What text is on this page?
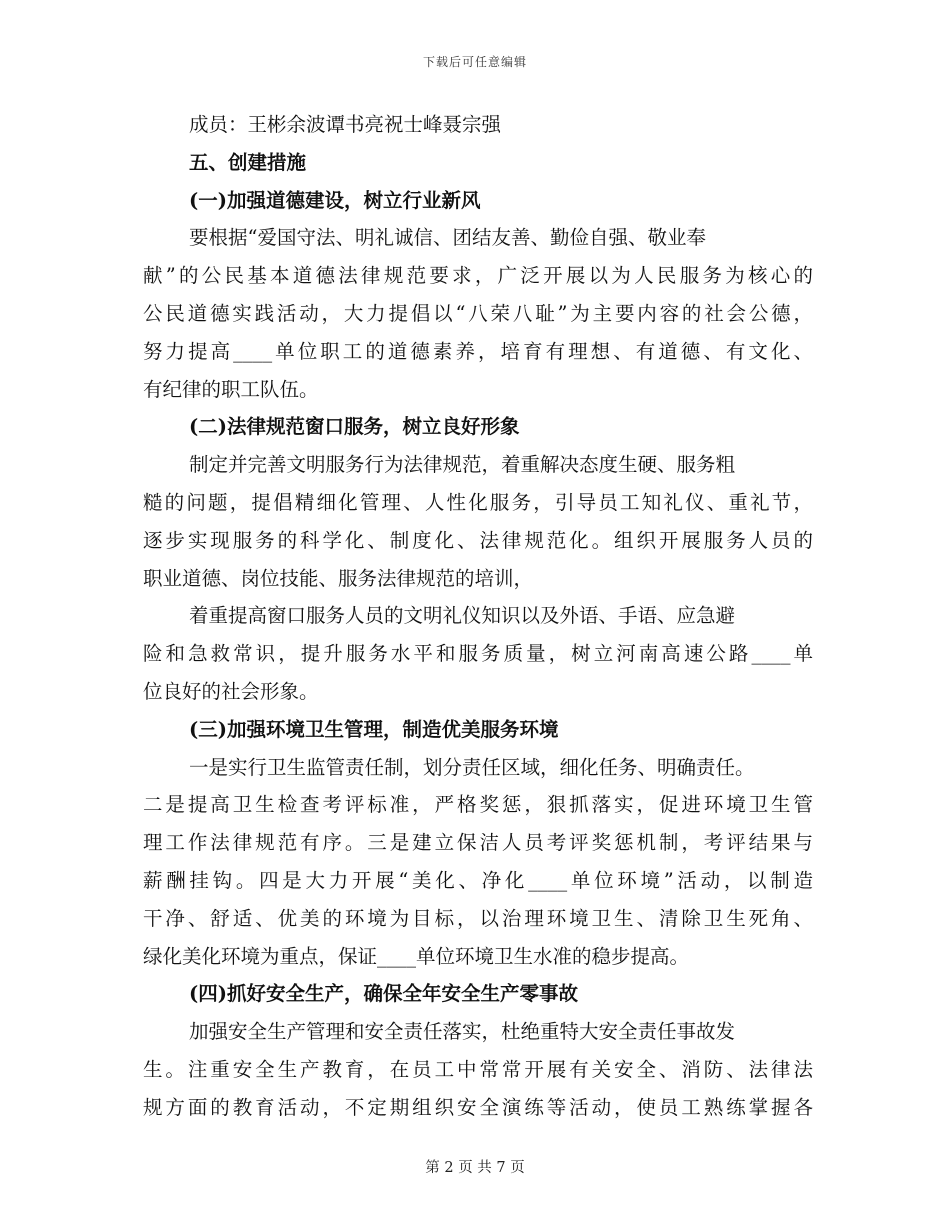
下载后可任意编辑
成员：王彬余波谭书亮祝士峰聂宗强
五、创建措施
(一)加强道德建设，树立行业新风
要根据“爱国守法、明礼诚信、团结友善、勤俭自强、敬业奉
献”的公民基本道德法律规范要求，广泛开展以为人民服务为核心的
公民道德实践活动，大力提倡以“八荣八耻”为主要内容的社会公德，
努力提高____单位职工的道德素养，培育有理想、有道德、有文化、
有纪律的职工队伍。
(二)法律规范窗口服务，树立良好形象
制定并完善文明服务行为法律规范，着重解决态度生硬、服务粗
糙的问题，提倡精细化管理、人性化服务，引导员工知礼仪、重礼节，
逐步实现服务的科学化、制度化、法律规范化。组织开展服务人员的
职业道德、岗位技能、服务法律规范的培训，
着重提高窗口服务人员的文明礼仪知识以及外语、手语、应急避
险和急救常识，提升服务水平和服务质量，树立河南高速公路____单
位良好的社会形象。
(三)加强环境卫生管理，制造优美服务环境
一是实行卫生监管责任制，划分责任区域，细化任务、明确责任。
二是提高卫生检查考评标准，严格奖惩，狠抓落实，促进环境卫生管
理工作法律规范有序。三是建立保洁人员考评奖惩机制，考评结果与
薪酬挂钩。四是大力开展“美化、净化____单位环境”活动，以制造
干净、舒适、优美的环境为目标，以治理环境卫生、清除卫生死角、
绿化美化环境为重点，保证____单位环境卫生水准的稳步提高。
(四)抓好安全生产，确保全年安全生产零事故
加强安全生产管理和安全责任落实，杜绝重特大安全责任事故发
生。注重安全生产教育，在员工中常常开展有关安全、消防、法律法
规方面的教育活动，不定期组织安全演练等活动，使员工熟练掌握各
第 2 页 共 7 页
